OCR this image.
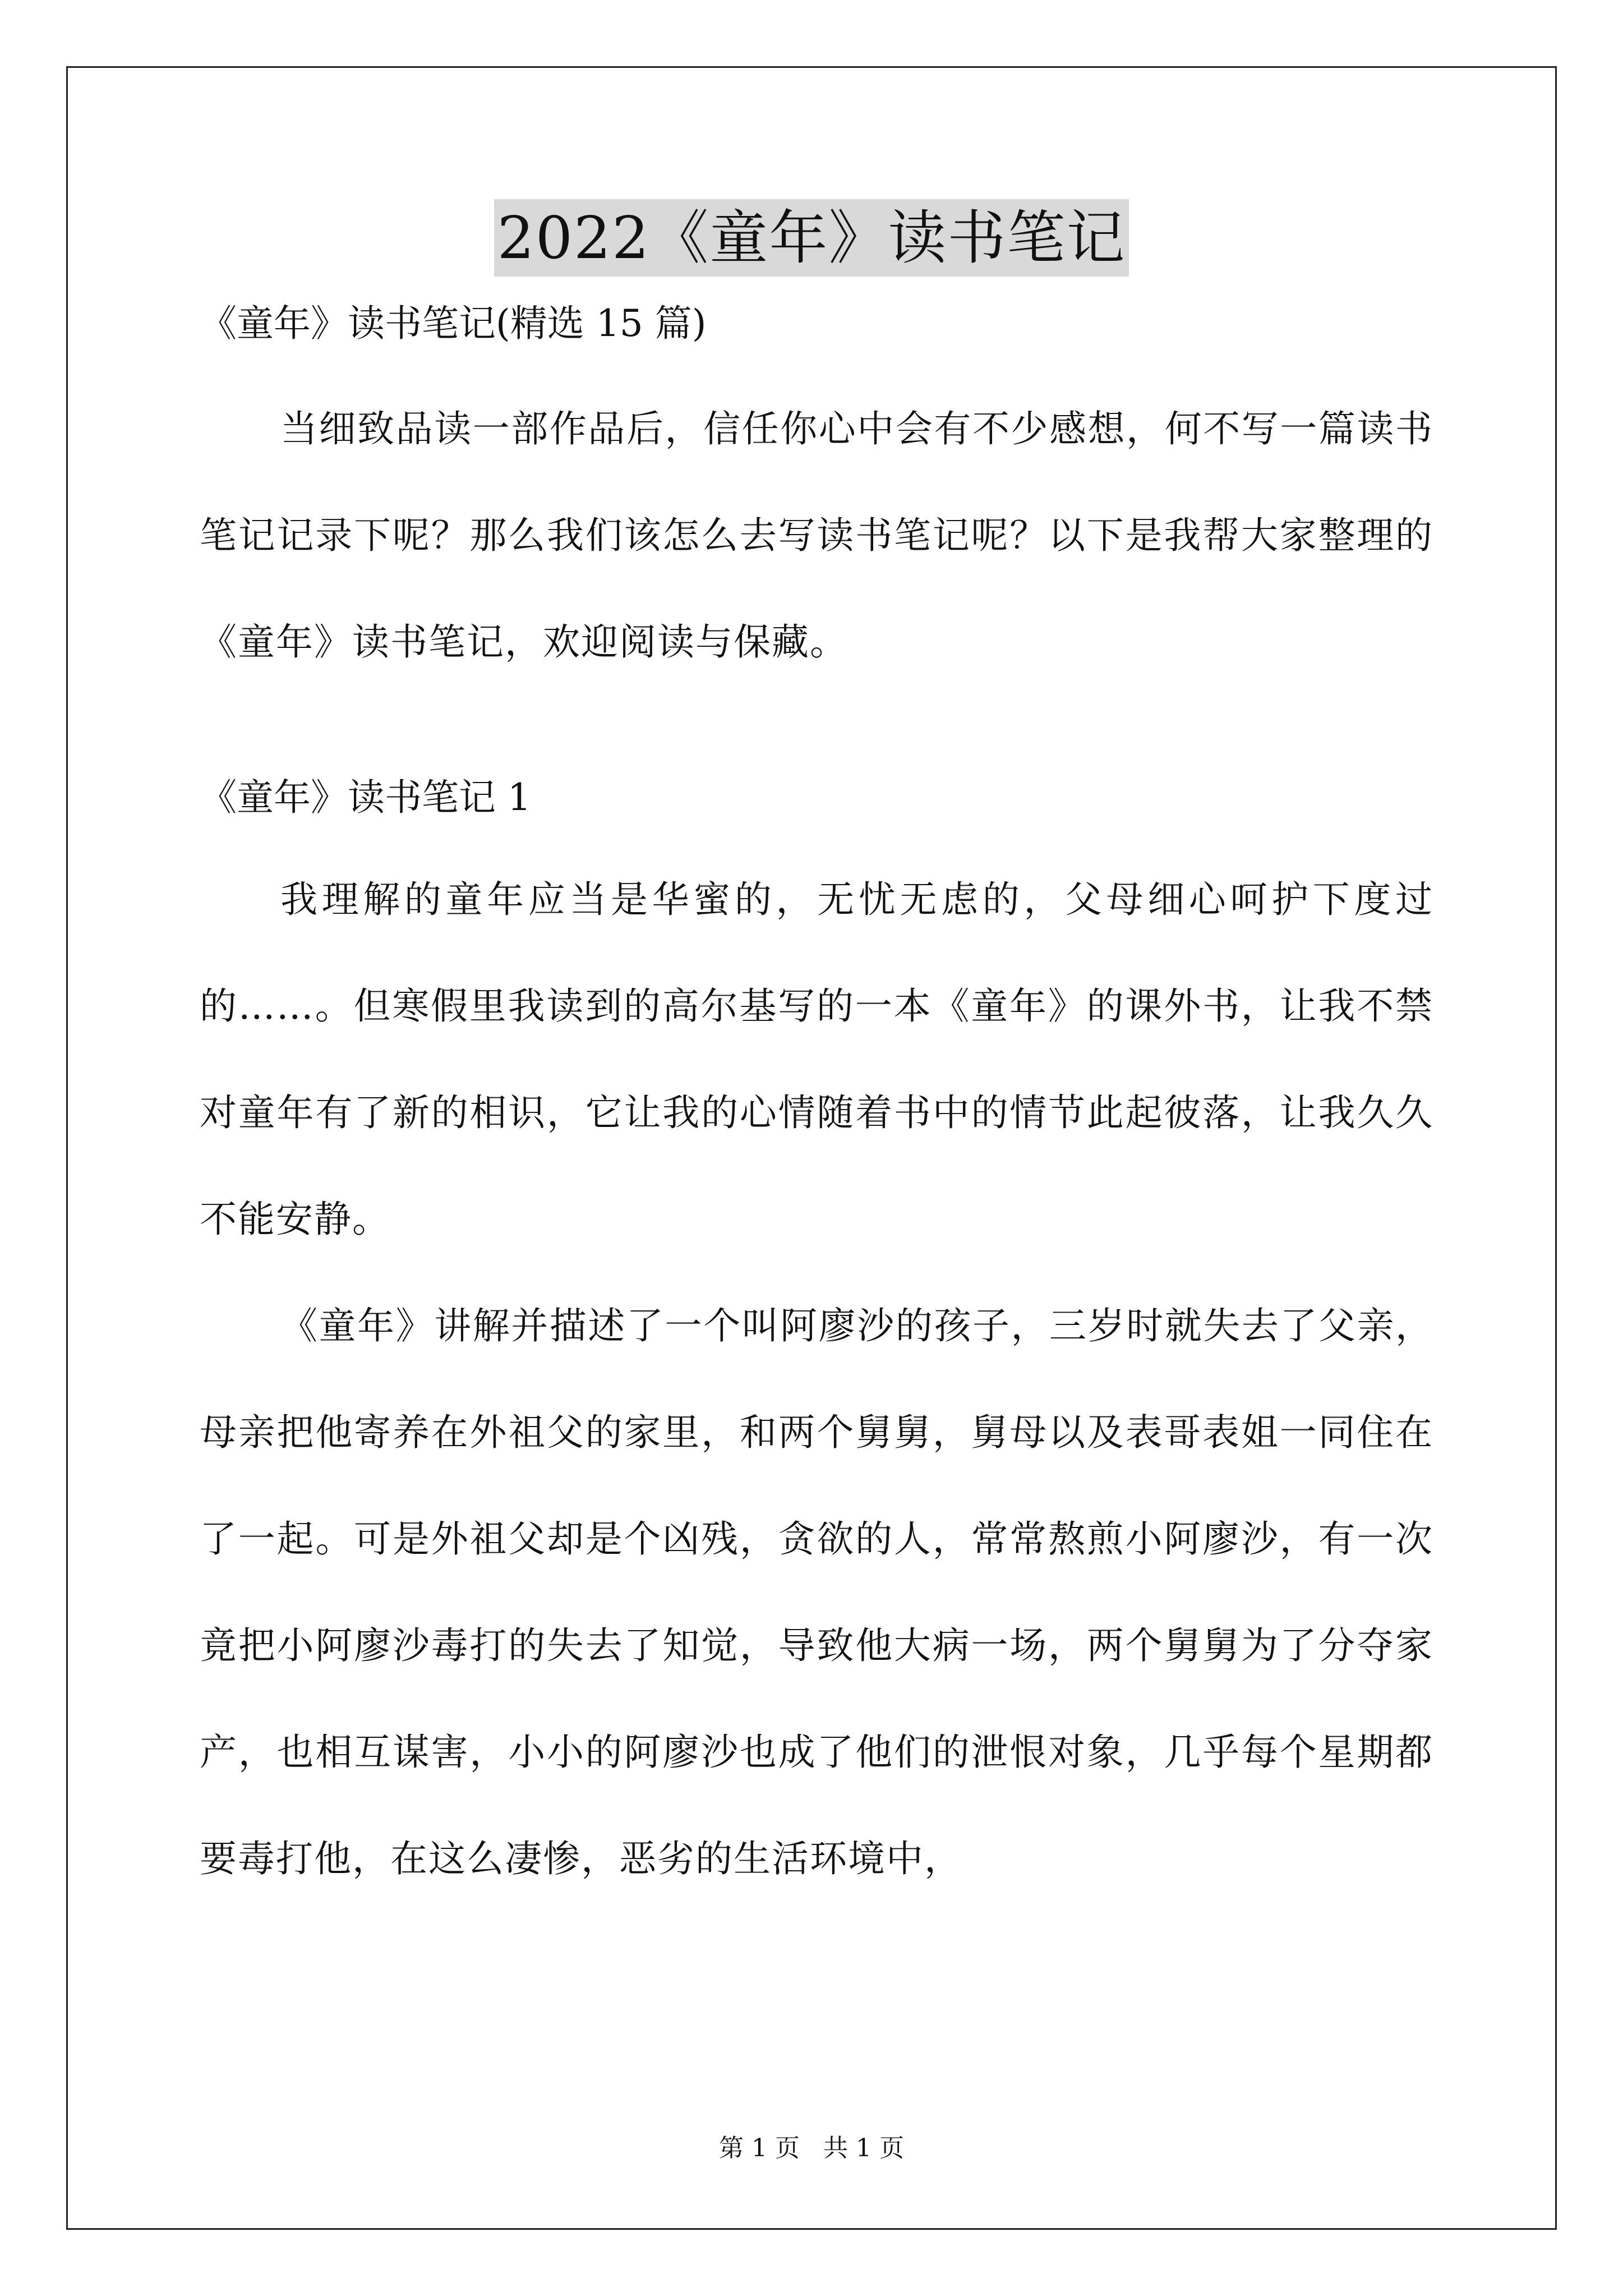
2022《童年》读书笔记

《童年》读书笔记(精选 15 篇)

当细致品读一部作品后，信任你心中会有不少感想，何不写一篇读书笔记记录下呢？那么我们该怎么去写读书笔记呢？以下是我帮大家整理的《童年》读书笔记，欢迎阅读与保藏。

《童年》读书笔记 1

我理解的童年应当是华蜜的，无忧无虑的，父母细心呵护下度过的……。但寒假里我读到的高尔基写的一本《童年》的课外书，让我不禁对童年有了新的相识，它让我的心情随着书中的情节此起彼落，让我久久不能安静。

《童年》讲解并描述了一个叫阿廖沙的孩子，三岁时就失去了父亲，母亲把他寄养在外祖父的家里，和两个舅舅，舅母以及表哥表姐一同住在了一起。可是外祖父却是个凶残，贪欲的人，常常熬煎小阿廖沙，有一次竟把小阿廖沙毒打的失去了知觉，导致他大病一场，两个舅舅为了分夺家产，也相互谋害，小小的阿廖沙也成了他们的泄恨对象，几乎每个星期都要毒打他，在这么凄惨，恶劣的生活环境中，

第 1 页   共 1 页
